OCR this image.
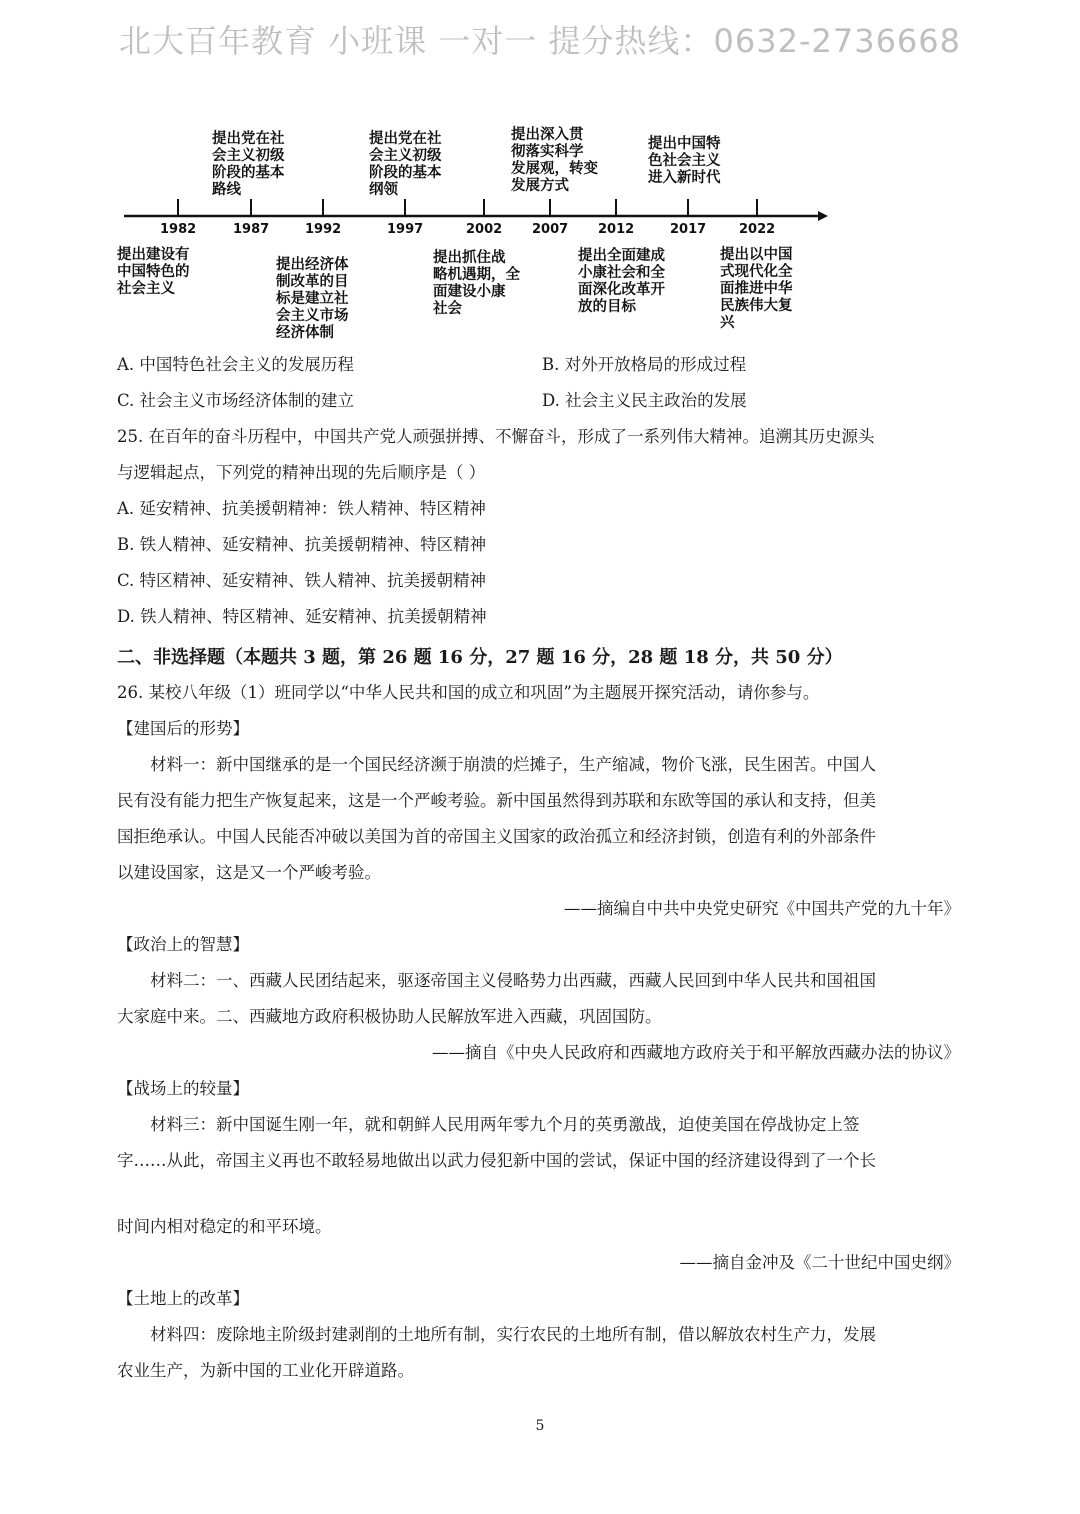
北大百年教育 小班课 一对一 提分热线：0632-2736668
1982	1987	1992	1997	2002 2007 2012	2017	2022
提出党在社
会主义初级
阶段的基本
路线
提出党在社
会主义初级
阶段的基本
纲领
提出深入贯
彻落实科学
发展观，转变
发展方式
提出中国特
色社会主义
进入新时代
提出建设有
中国特色的
社会主义
提出经济体
制改革的目
标是建立社
会主义市场
经济体制
提出抓住战
略机遇期，全
面建设小康
社会
提出全面建成
小康社会和全
面深化改革开
放的目标
提出以中国
式现代化全
面推进中华
民族伟大复
兴
A. 中国特色社会主义的发展历程	B. 对外开放格局的形成过程
C. 社会主义市场经济体制的建立	D. 社会主义民主政治的发展
25. 在百年的奋斗历程中，中国共产党人顽强拼搏、不懈奋斗，形成了一系列伟大精神。追溯其历史源头
与逻辑起点，下列党的精神出现的先后顺序是（ ）
A. 延安精神、抗美援朝精神：铁人精神、特区精神
B. 铁人精神、延安精神、抗美援朝精神、特区精神
C. 特区精神、延安精神、铁人精神、抗美援朝精神
D. 铁人精神、特区精神、延安精神、抗美援朝精神
二、非选择题（本题共 3 题，第 26 题 16 分，27 题 16 分，28 题 18 分，共 50 分）
26. 某校八年级（1）班同学以“中华人民共和国的成立和巩固”为主题展开探究活动，请你参与。
【建国后的形势】
材料一：新中国继承的是一个国民经济濒于崩溃的烂摊子，生产缩减，物价飞涨，民生困苦。中国人
民有没有能力把生产恢复起来，这是一个严峻考验。新中国虽然得到苏联和东欧等国的承认和支持，但美
国拒绝承认。中国人民能否冲破以美国为首的帝国主义国家的政治孤立和经济封锁，创造有利的外部条件
以建设国家，这是又一个严峻考验。
——摘编自中共中央党史研究《中国共产党的九十年》
【政治上的智慧】
材料二：一、西藏人民团结起来，驱逐帝国主义侵略势力出西藏，西藏人民回到中华人民共和国祖国
大家庭中来。二、西藏地方政府积极协助人民解放军进入西藏，巩固国防。
——摘自《中央人民政府和西藏地方政府关于和平解放西藏办法的协议》
【战场上的较量】
材料三：新中国诞生刚一年，就和朝鲜人民用两年零九个月的英勇激战，迫使美国在停战协定上签
字……从此，帝国主义再也不敢轻易地做出以武力侵犯新中国的尝试，保证中国的经济建设得到了一个长
时间内相对稳定的和平环境。
——摘自金冲及《二十世纪中国史纲》
【土地上的改革】
材料四：废除地主阶级封建剥削的土地所有制，实行农民的土地所有制，借以解放农村生产力，发展
农业生产，为新中国的工业化开辟道路。
5
